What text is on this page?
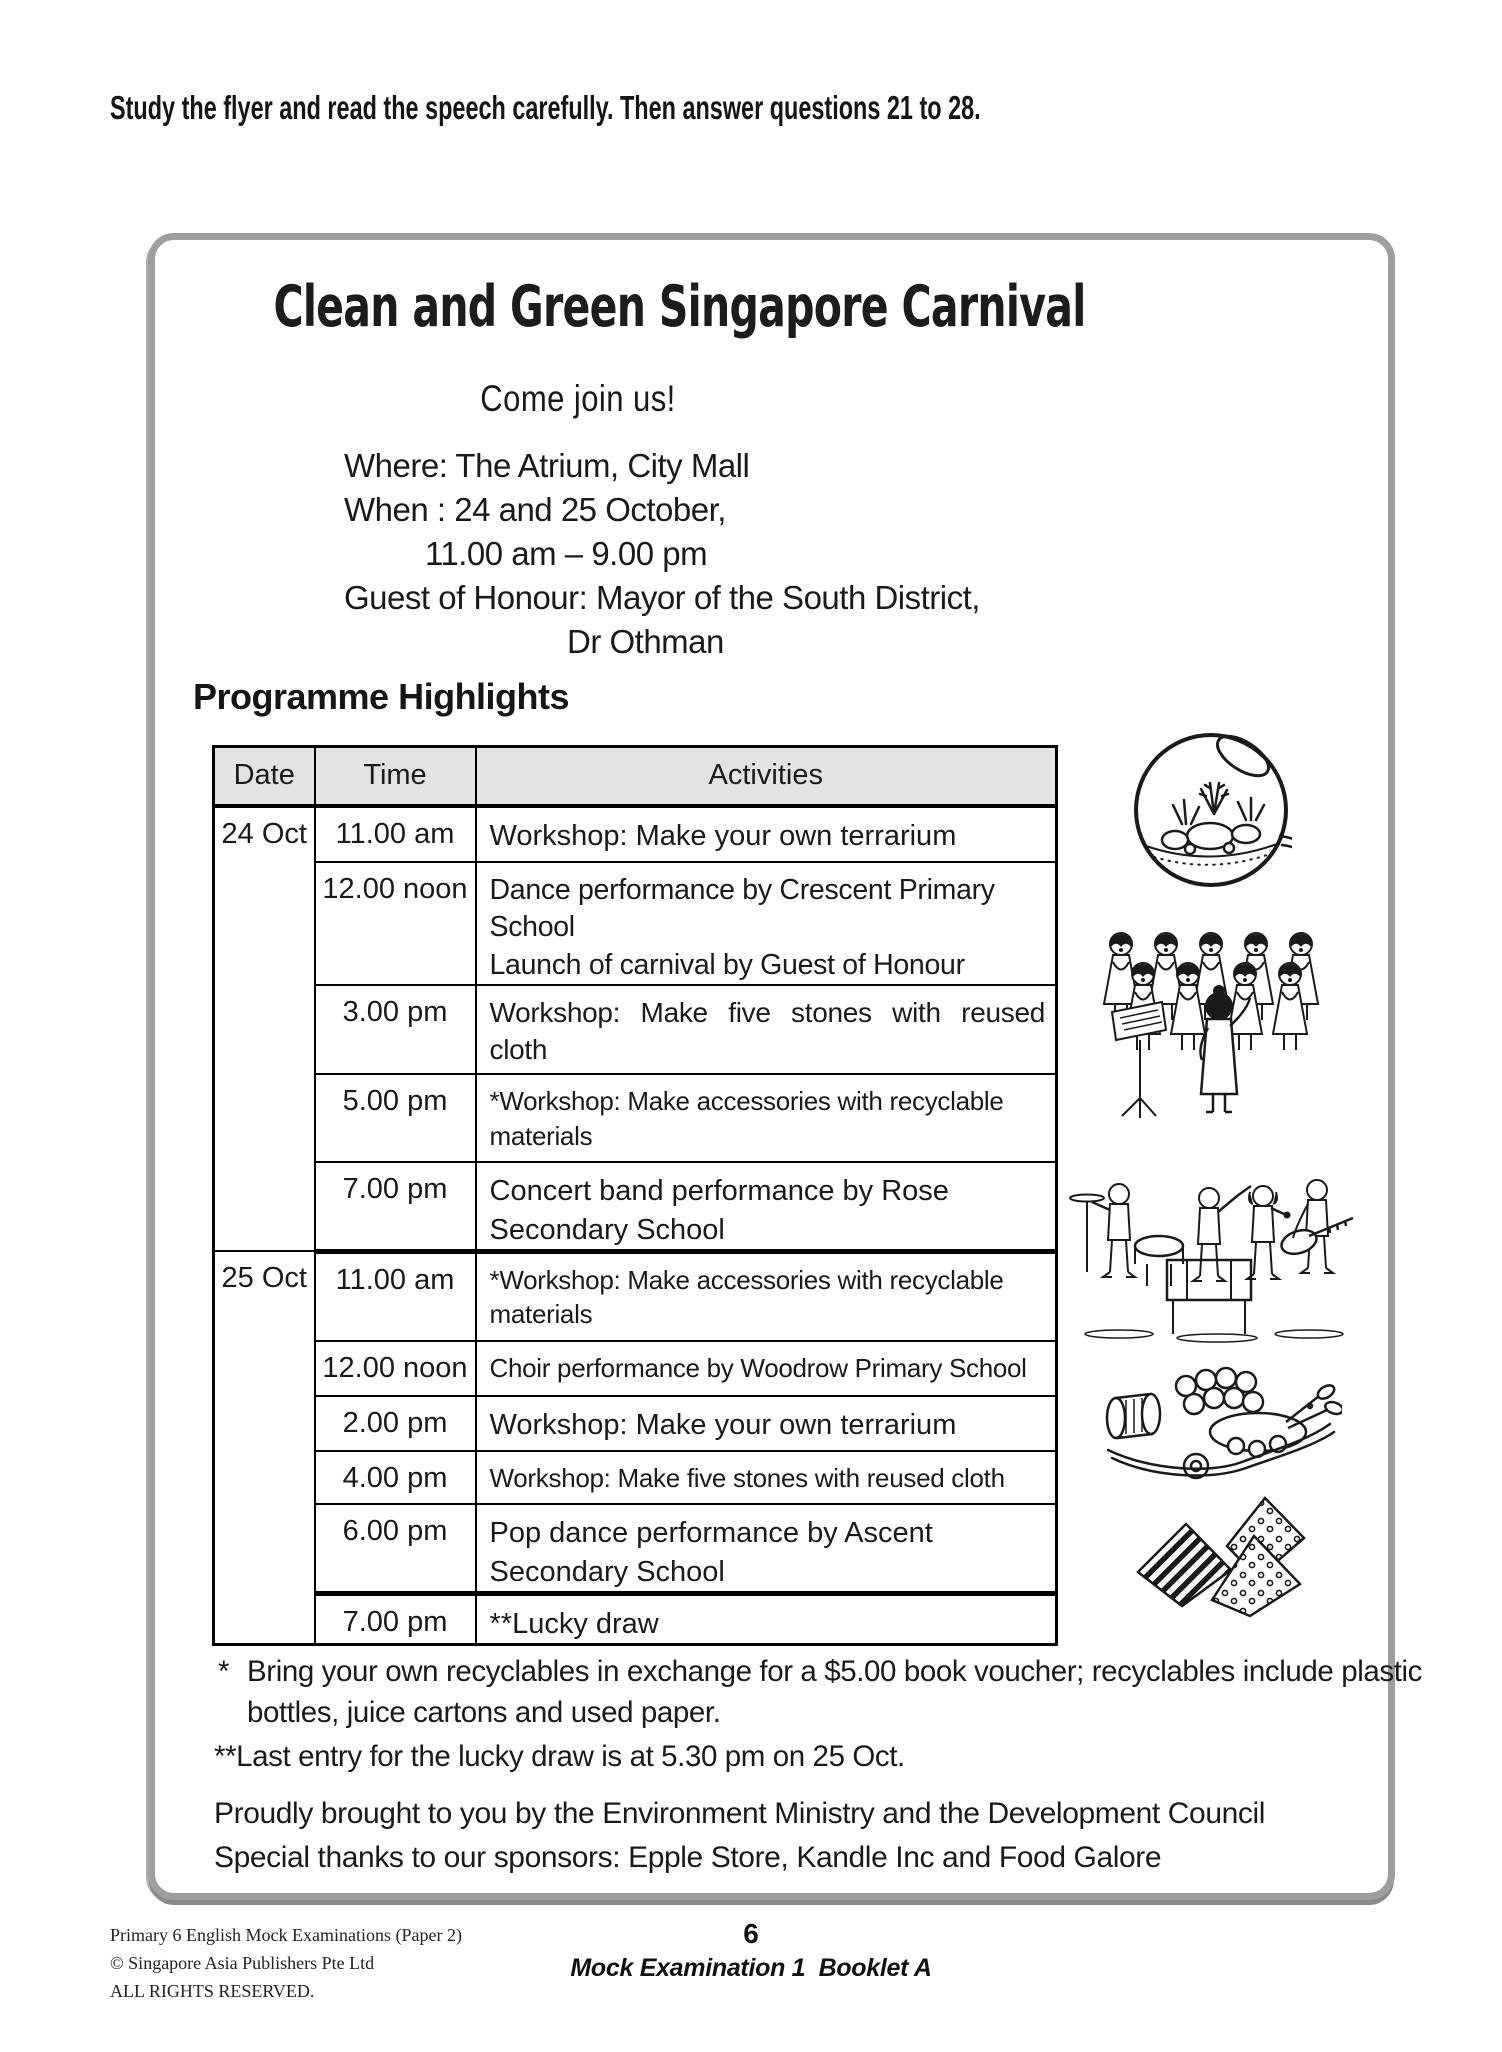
Study the flyer and read the speech carefully. Then answer questions 21 to 28.
Clean and Green Singapore Carnival
Come join us!
Where: The Atrium, City Mall
When : 24 and 25 October,
11.00 am – 9.00 pm
Guest of Honour: Mayor of the South District,
Dr Othman
Programme Highlights
Date	Time	Activities
24 Oct	11.00 am	Workshop: Make your own terrarium
	12.00 noon	Dance performance by Crescent Primary School
Launch of carnival by Guest of Honour

	3.00 pm	Workshop: Make five stones with reused cloth
	5.00 pm	*Workshop: Make accessories with recyclable materials
	7.00 pm	Concert band performance by Rose Secondary School
25 Oct	11.00 am	*Workshop: Make accessories with recyclable materials
	12.00 noon	Choir performance by Woodrow Primary School
	2.00 pm	Workshop: Make your own terrarium
	4.00 pm	Workshop: Make five stones with reused cloth
	6.00 pm	Pop dance performance by Ascent Secondary School
	7.00 pm	**Lucky draw
* Bring your own recyclables in exchange for a $5.00 book voucher; recyclables include plastic bottles, juice cartons and used paper.
**Last entry for the lucky draw is at 5.30 pm on 25 Oct.
Proudly brought to you by the Environment Ministry and the Development Council
Special thanks to our sponsors: Epple Store, Kandle Inc and Food Galore
Primary 6 English Mock Examinations (Paper 2)
© Singapore Asia Publishers Pte Ltd
ALL RIGHTS RESERVED.
6
Mock Examination 1  Booklet A
